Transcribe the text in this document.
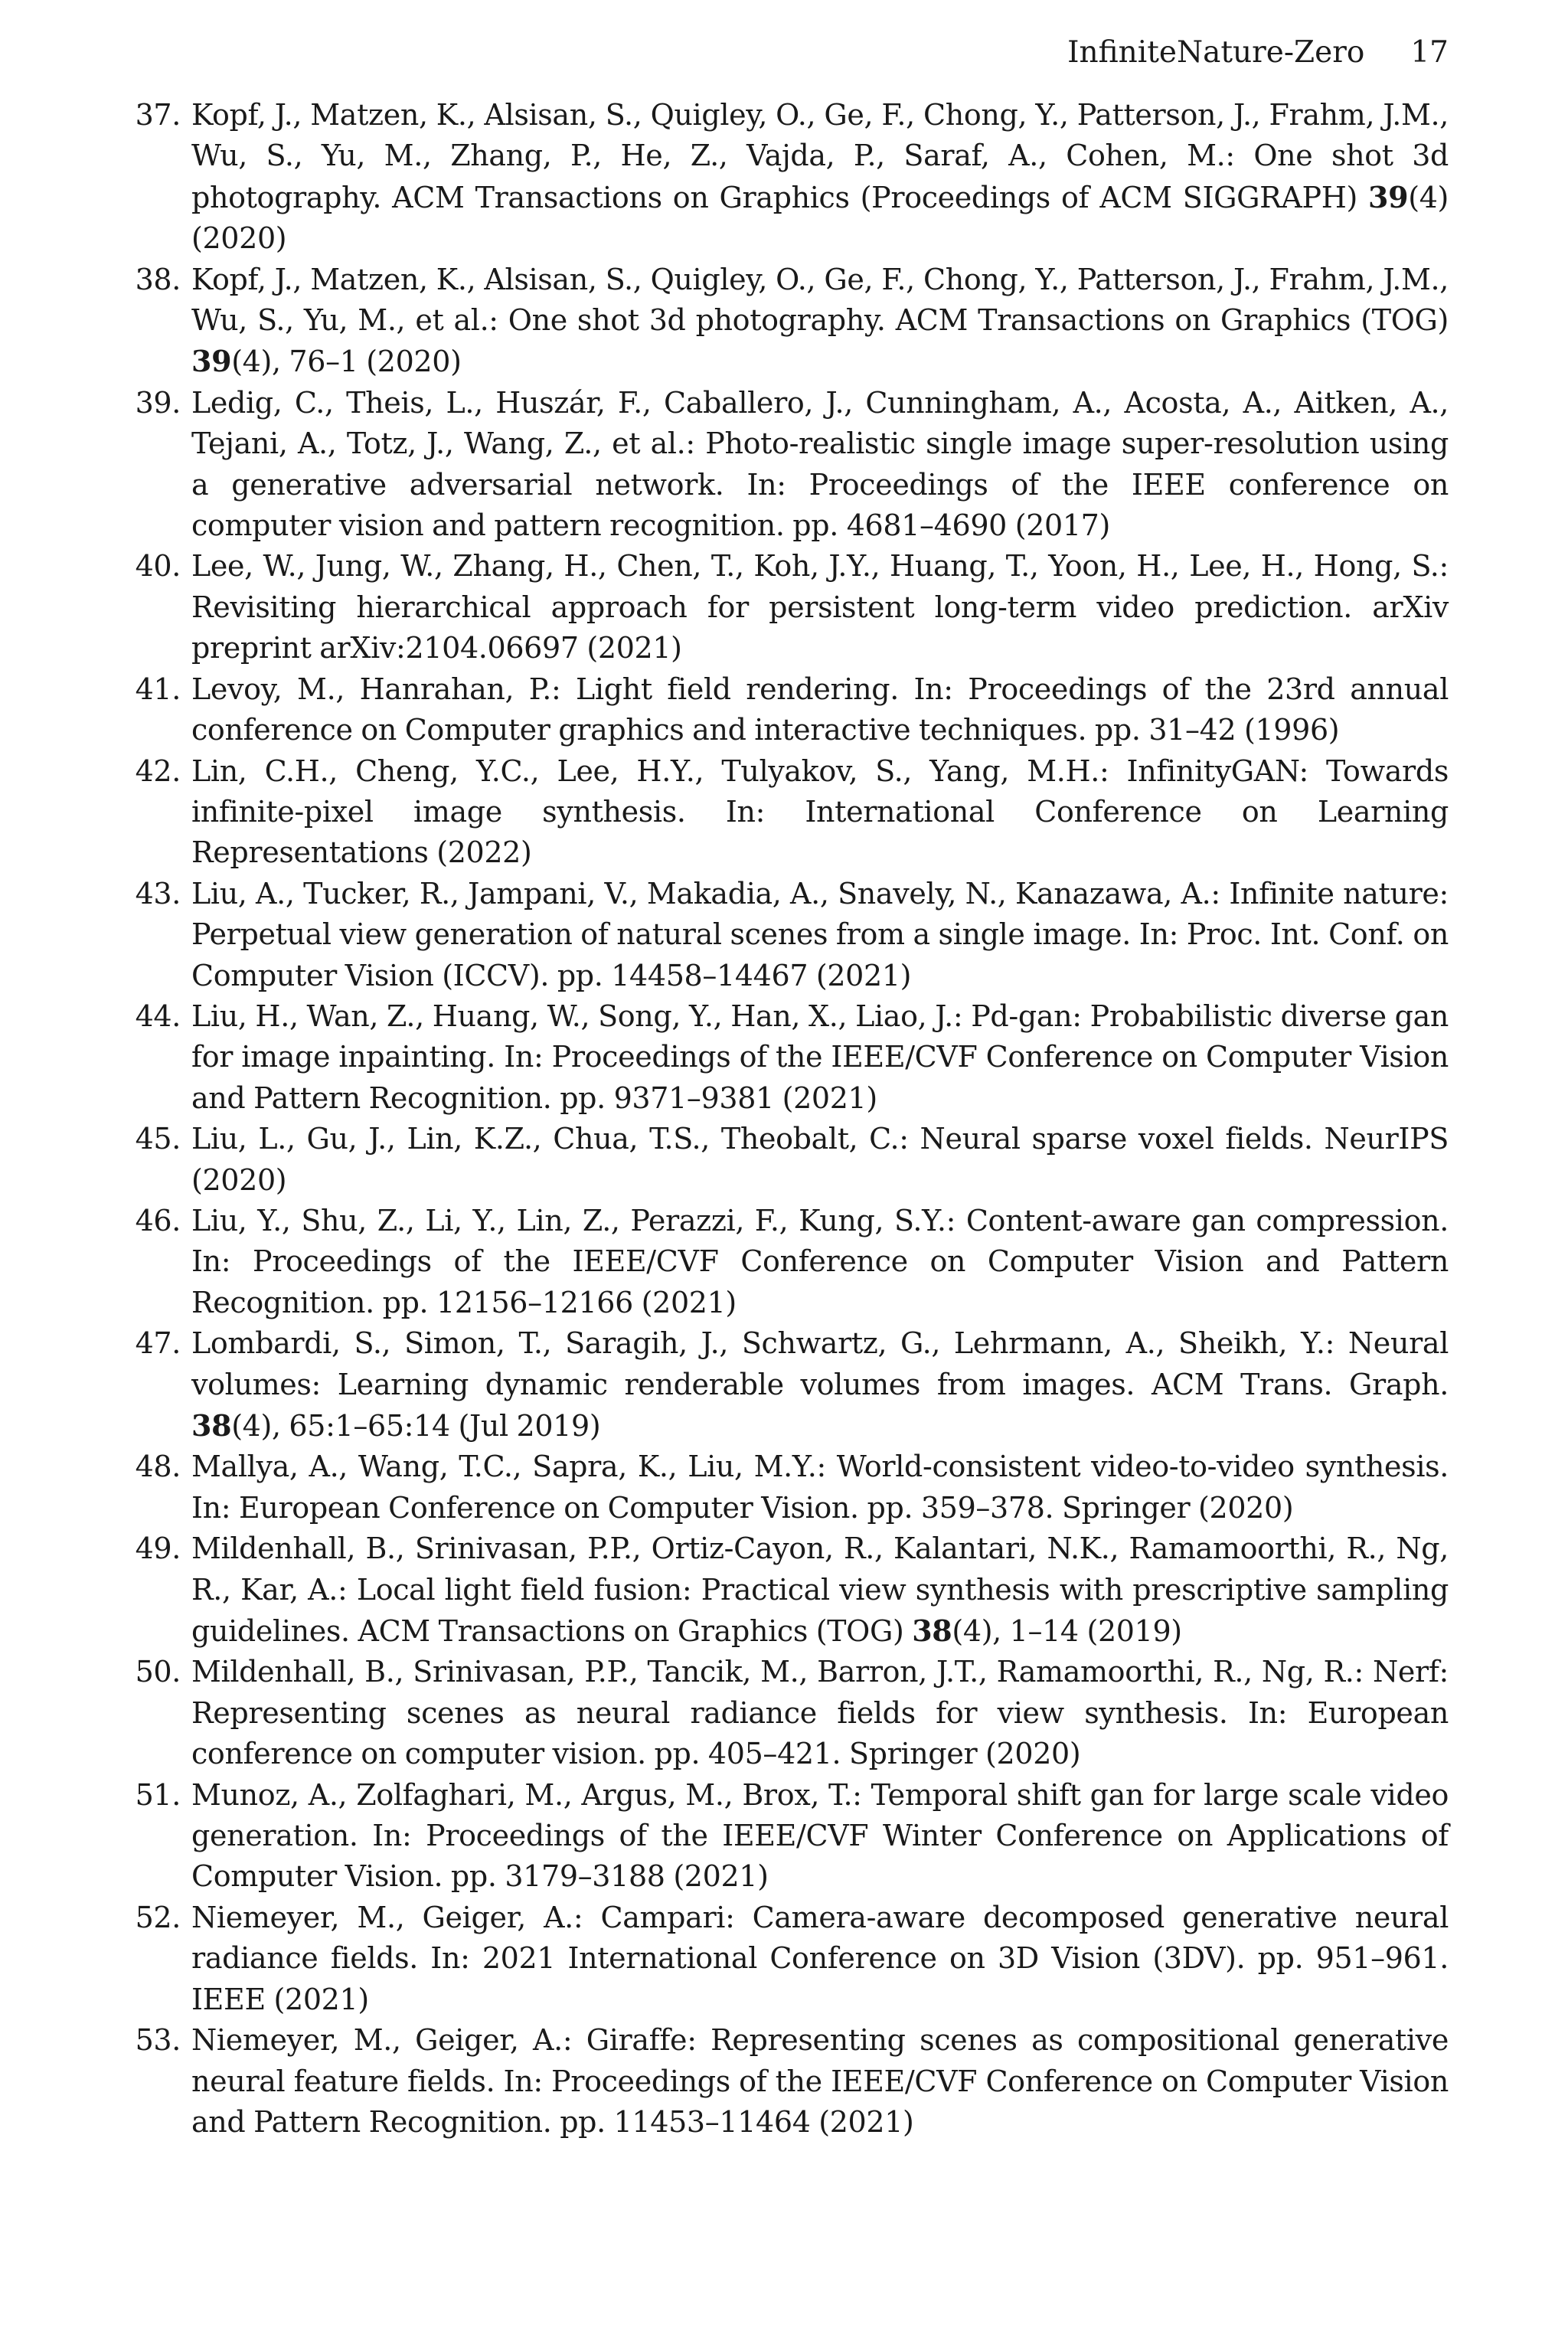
InfiniteNature-Zero 17
37. Kopf, J., Matzen, K., Alsisan, S., Quigley, O., Ge, F., Chong, Y., Patterson, J., Frahm, J.M., Wu, S., Yu, M., Zhang, P., He, Z., Vajda, P., Saraf, A., Cohen, M.: One shot 3d photography. ACM Transactions on Graphics (Proceedings of ACM SIGGRAPH) 39(4) (2020)
38. Kopf, J., Matzen, K., Alsisan, S., Quigley, O., Ge, F., Chong, Y., Patterson, J., Frahm, J.M., Wu, S., Yu, M., et al.: One shot 3d photography. ACM Transactions on Graphics (TOG) 39(4), 76–1 (2020)
39. Ledig, C., Theis, L., Huszár, F., Caballero, J., Cunningham, A., Acosta, A., Aitken, A., Tejani, A., Totz, J., Wang, Z., et al.: Photo-realistic single image super-resolution using a generative adversarial network. In: Proceedings of the IEEE conference on computer vision and pattern recognition. pp. 4681–4690 (2017)
40. Lee, W., Jung, W., Zhang, H., Chen, T., Koh, J.Y., Huang, T., Yoon, H., Lee, H., Hong, S.: Revisiting hierarchical approach for persistent long-term video prediction. arXiv preprint arXiv:2104.06697 (2021)
41. Levoy, M., Hanrahan, P.: Light field rendering. In: Proceedings of the 23rd annual conference on Computer graphics and interactive techniques. pp. 31–42 (1996)
42. Lin, C.H., Cheng, Y.C., Lee, H.Y., Tulyakov, S., Yang, M.H.: InfinityGAN: Towards infinite-pixel image synthesis. In: International Conference on Learning Representations (2022)
43. Liu, A., Tucker, R., Jampani, V., Makadia, A., Snavely, N., Kanazawa, A.: Infinite nature: Perpetual view generation of natural scenes from a single image. In: Proc. Int. Conf. on Computer Vision (ICCV). pp. 14458–14467 (2021)
44. Liu, H., Wan, Z., Huang, W., Song, Y., Han, X., Liao, J.: Pd-gan: Probabilistic diverse gan for image inpainting. In: Proceedings of the IEEE/CVF Conference on Computer Vision and Pattern Recognition. pp. 9371–9381 (2021)
45. Liu, L., Gu, J., Lin, K.Z., Chua, T.S., Theobalt, C.: Neural sparse voxel fields. NeurIPS (2020)
46. Liu, Y., Shu, Z., Li, Y., Lin, Z., Perazzi, F., Kung, S.Y.: Content-aware gan compression. In: Proceedings of the IEEE/CVF Conference on Computer Vision and Pattern Recognition. pp. 12156–12166 (2021)
47. Lombardi, S., Simon, T., Saragih, J., Schwartz, G., Lehrmann, A., Sheikh, Y.: Neural volumes: Learning dynamic renderable volumes from images. ACM Trans. Graph. 38(4), 65:1–65:14 (Jul 2019)
48. Mallya, A., Wang, T.C., Sapra, K., Liu, M.Y.: World-consistent video-to-video synthesis. In: European Conference on Computer Vision. pp. 359–378. Springer (2020)
49. Mildenhall, B., Srinivasan, P.P., Ortiz-Cayon, R., Kalantari, N.K., Ramamoorthi, R., Ng, R., Kar, A.: Local light field fusion: Practical view synthesis with prescriptive sampling guidelines. ACM Transactions on Graphics (TOG) 38(4), 1–14 (2019)
50. Mildenhall, B., Srinivasan, P.P., Tancik, M., Barron, J.T., Ramamoorthi, R., Ng, R.: Nerf: Representing scenes as neural radiance fields for view synthesis. In: European conference on computer vision. pp. 405–421. Springer (2020)
51. Munoz, A., Zolfaghari, M., Argus, M., Brox, T.: Temporal shift gan for large scale video generation. In: Proceedings of the IEEE/CVF Winter Conference on Applications of Computer Vision. pp. 3179–3188 (2021)
52. Niemeyer, M., Geiger, A.: Campari: Camera-aware decomposed generative neural radiance fields. In: 2021 International Conference on 3D Vision (3DV). pp. 951–961. IEEE (2021)
53. Niemeyer, M., Geiger, A.: Giraffe: Representing scenes as compositional generative neural feature fields. In: Proceedings of the IEEE/CVF Conference on Computer Vision and Pattern Recognition. pp. 11453–11464 (2021)
